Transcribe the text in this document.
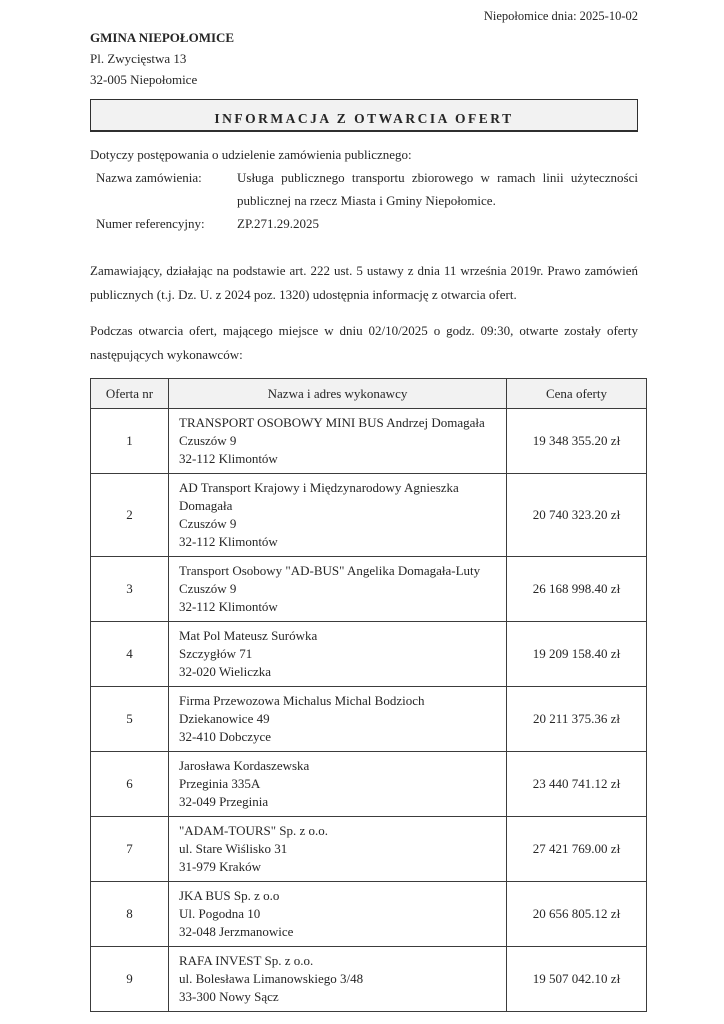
Niepołomice dnia: 2025-10-02
GMINA NIEPOŁOMICE
Pl. Zwycięstwa 13
32-005 Niepołomice
INFORMACJA Z OTWARCIA OFERT
Dotyczy postępowania o udzielenie zamówienia publicznego:
Nazwa zamówienia:	Usługa publicznego transportu zbiorowego w ramach linii użyteczności publicznej na rzecz Miasta i Gminy Niepołomice.
Numer referencyjny:	ZP.271.29.2025
Zamawiający, działając na podstawie art. 222 ust. 5 ustawy z dnia 11 września 2019r. Prawo zamówień publicznych (t.j. Dz. U. z 2024 poz. 1320) udostępnia informację z otwarcia ofert.
Podczas otwarcia ofert, mającego miejsce w dniu 02/10/2025 o godz. 09:30, otwarte zostały oferty następujących wykonawców:
Oferta nr	Nazwa i adres wykonawcy	Cena oferty
1	TRANSPORT OSOBOWY MINI BUS Andrzej Domagała
Czuszów 9
32-112 Klimontów	19 348 355.20 zł
2	AD Transport Krajowy i Międzynarodowy Agnieszka Domagała
Czuszów 9
32-112 Klimontów	20 740 323.20 zł
3	Transport Osobowy "AD-BUS" Angelika Domagała-Luty
Czuszów 9
32-112 Klimontów	26 168 998.40 zł
4	Mat Pol Mateusz Surówka
Szczygłów 71
32-020 Wieliczka	19 209 158.40 zł
5	Firma Przewozowa Michalus Michal Bodzioch
Dziekanowice 49
32-410 Dobczyce	20 211 375.36 zł
6	Jarosława Kordaszewska
Przeginia 335A
32-049 Przeginia	23 440 741.12 zł
7	"ADAM-TOURS" Sp. z o.o.
ul. Stare Wiślisko 31
31-979 Kraków	27 421 769.00 zł
8	JKA BUS Sp. z o.o
Ul. Pogodna 10
32-048 Jerzmanowice	20 656 805.12 zł
9	RAFA INVEST Sp. z o.o.
ul. Bolesława Limanowskiego 3/48
33-300 Nowy Sącz	19 507 042.10 zł
